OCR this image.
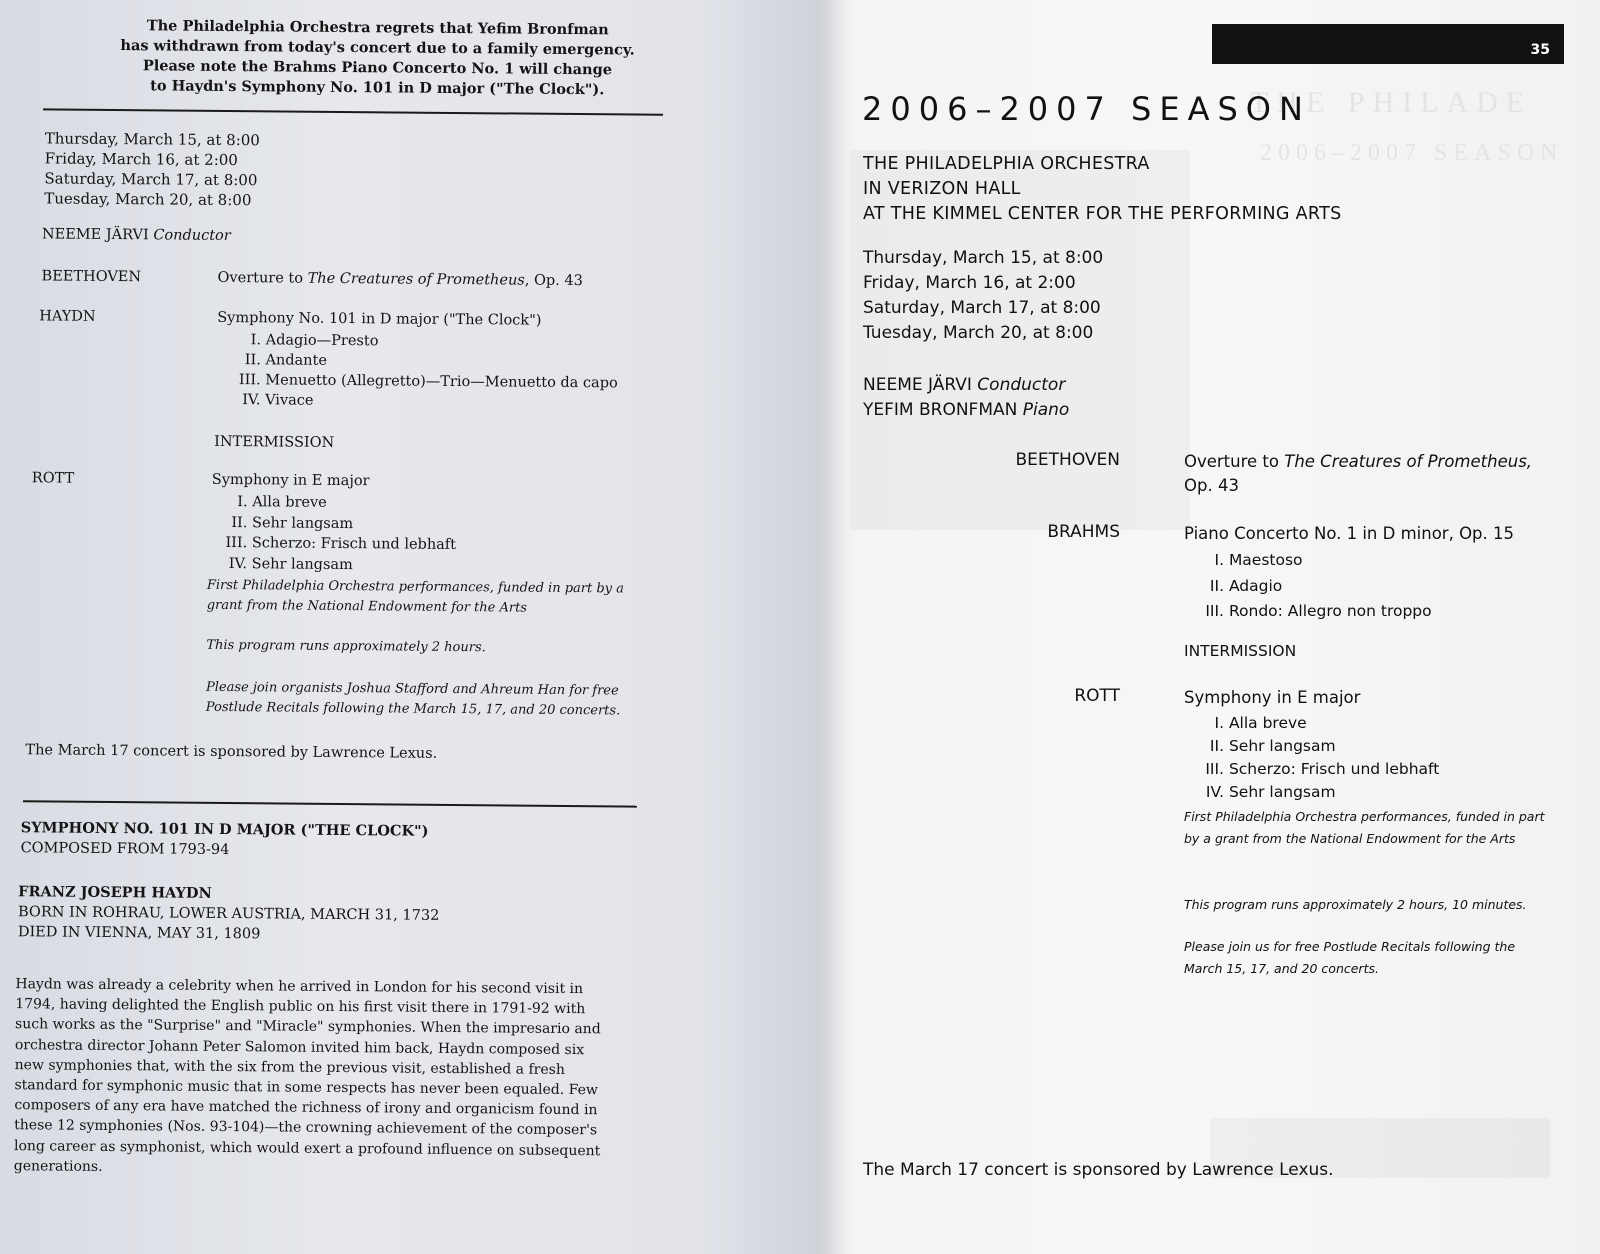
The Philadelphia Orchestra regrets that Yefim Bronfman
has withdrawn from today's concert due to a family emergency.
Please note the Brahms Piano Concerto No. 1 will change
to Haydn's Symphony No. 101 in D major ("The Clock").
Thursday, March 15, at 8:00
Friday, March 16, at 2:00
Saturday, March 17, at 8:00
Tuesday, March 20, at 8:00
NEEME JÄRVI Conductor
BEETHOVEN	Overture to The Creatures of Prometheus, Op. 43
HAYDN	Symphony No. 101 in D major ("The Clock")
I. Adagio—Presto
II. Andante
III. Menuetto (Allegretto)—Trio—Menuetto da capo
IV. Vivace
INTERMISSION
ROTT	Symphony in E major
I. Alla breve
II. Sehr langsam
III. Scherzo: Frisch und lebhaft
IV. Sehr langsam
First Philadelphia Orchestra performances, funded in part by a
grant from the National Endowment for the Arts
This program runs approximately 2 hours.
Please join organists Joshua Stafford and Ahreum Han for free
Postlude Recitals following the March 15, 17, and 20 concerts.
The March 17 concert is sponsored by Lawrence Lexus.
SYMPHONY NO. 101 IN D MAJOR ("THE CLOCK")
COMPOSED FROM 1793-94
FRANZ JOSEPH HAYDN
BORN IN ROHRAU, LOWER AUSTRIA, MARCH 31, 1732
DIED IN VIENNA, MAY 31, 1809
Haydn was already a celebrity when he arrived in London for his second visit in 1794, having delighted the English public on his first visit there in 1791-92 with such works as the "Surprise" and "Miracle" symphonies. When the impresario and orchestra director Johann Peter Salomon invited him back, Haydn composed six new symphonies that, with the six from the previous visit, established a fresh standard for symphonic music that in some respects has never been equaled. Few composers of any era have matched the richness of irony and organicism found in these 12 symphonies (Nos. 93-104)—the crowning achievement of the composer's long career as symphonist, which would exert a profound influence on subsequent generations.
THE PHILADE
2006–2007 SEASON
35
2006–2007 SEASON
THE PHILADELPHIA ORCHESTRA
IN VERIZON HALL
AT THE KIMMEL CENTER FOR THE PERFORMING ARTS
Thursday, March 15, at 8:00
Friday, March 16, at 2:00
Saturday, March 17, at 8:00
Tuesday, March 20, at 8:00
NEEME JÄRVI Conductor
YEFIM BRONFMAN Piano
BEETHOVEN	Overture to The Creatures of Prometheus,
Op. 43
BRAHMS	Piano Concerto No. 1 in D minor, Op. 15
I. Maestoso
II. Adagio
III. Rondo: Allegro non troppo
INTERMISSION
ROTT	Symphony in E major
I. Alla breve
II. Sehr langsam
III. Scherzo: Frisch und lebhaft
IV. Sehr langsam
First Philadelphia Orchestra performances, funded in part
by a grant from the National Endowment for the Arts
This program runs approximately 2 hours, 10 minutes.
Please join us for free Postlude Recitals following the
March 15, 17, and 20 concerts.
The March 17 concert is sponsored by Lawrence Lexus.
